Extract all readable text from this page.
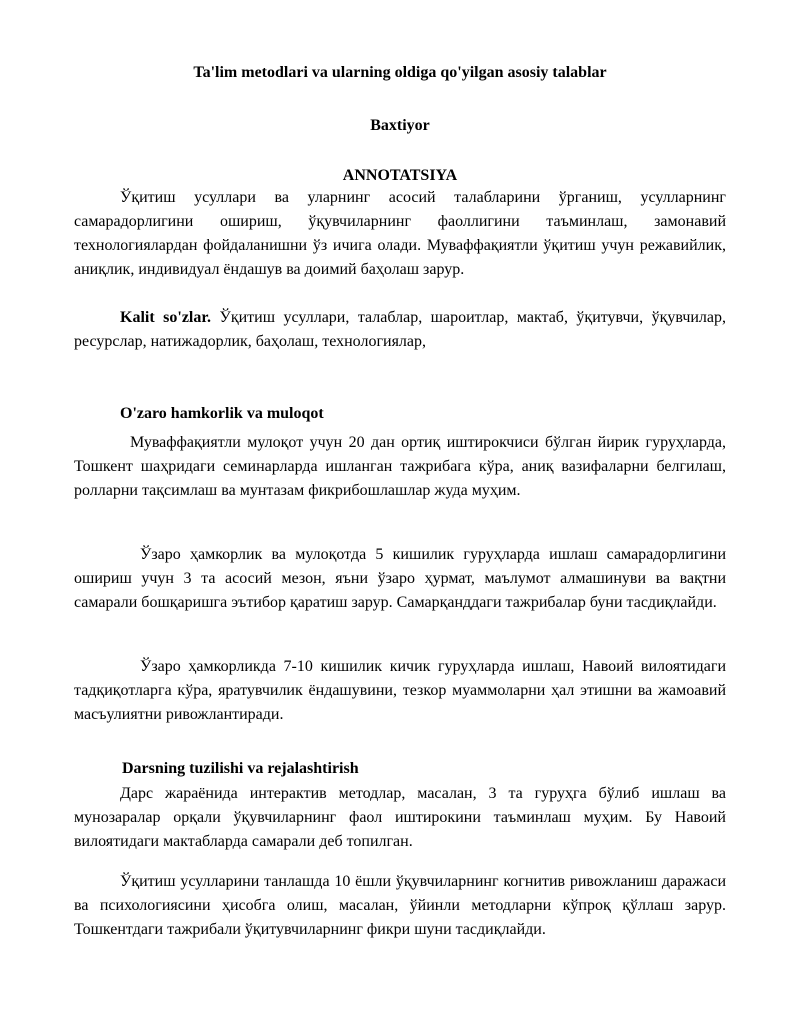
Ta'lim metodlari va ularning oldiga qo'yilgan asosiy talablar
Baxtiyor
ANNOTATSIYA

Ўқитиш усуллари ва уларнинг асосий талабларини ўрганиш, усулларнинг самарадорлигини ошириш, ўқувчиларнинг фаоллигини таъминлаш, замонавий технологиялардан фойдаланишни ўз ичига олади. Муваффақиятли ўқитиш учун режавийлик, аниқлик, индивидуал ёндашув ва доимий баҳолаш зарур.

Kalit so'zlar. Ўқитиш усуллари, талаблар, шароитлар, мактаб, ўқитувчи, ўқувчилар, ресурслар, натижадорлик, баҳолаш, технологиялар,

O'zaro hamkorlik va muloqot

Муваффақиятли мулоқот учун 20 дан ортиқ иштирокчиси бўлган йирик гуруҳларда, Тошкент шаҳридаги семинарларда ишланган тажрибага кўра, аниқ вазифаларни белгилаш, ролларни тақсимлаш ва мунтазам фикрибошлашлар жуда муҳим.

Ўзаро ҳамкорлик ва мулоқотда 5 кишилик гуруҳларда ишлаш самарадорлигини ошириш учун 3 та асосий мезон, яъни ўзаро ҳурмат, маълумот алмашинуви ва вақтни самарали бошқаришга эътибор қаратиш зарур. Самарқанддаги тажрибалар буни тасдиқлайди.

Ўзаро ҳамкорликда 7-10 кишилик кичик гуруҳларда ишлаш, Навоий вилоятидаги тадқиқотларга кўра, яратувчилик ёндашувини, тезкор муаммоларни ҳал этишни ва жамоавий масъулиятни ривожлантиради.

Darsning tuzilishi va rejalashtirish

Дарс жараёнида интерактив методлар, масалан, 3 та гуруҳга бўлиб ишлаш ва мунозаралар орқали ўқувчиларнинг фаол иштирокини таъминлаш муҳим. Бу Навоий вилоятидаги мактабларда самарали деб топилган.

Ўқитиш усулларини танлашда 10 ёшли ўқувчиларнинг когнитив ривожланиш даражаси ва психологиясини ҳисобга олиш, масалан, ўйинли методларни кўпроқ қўллаш зарур. Тошкентдаги тажрибали ўқитувчиларнинг фикри шуни тасдиқлайди.
